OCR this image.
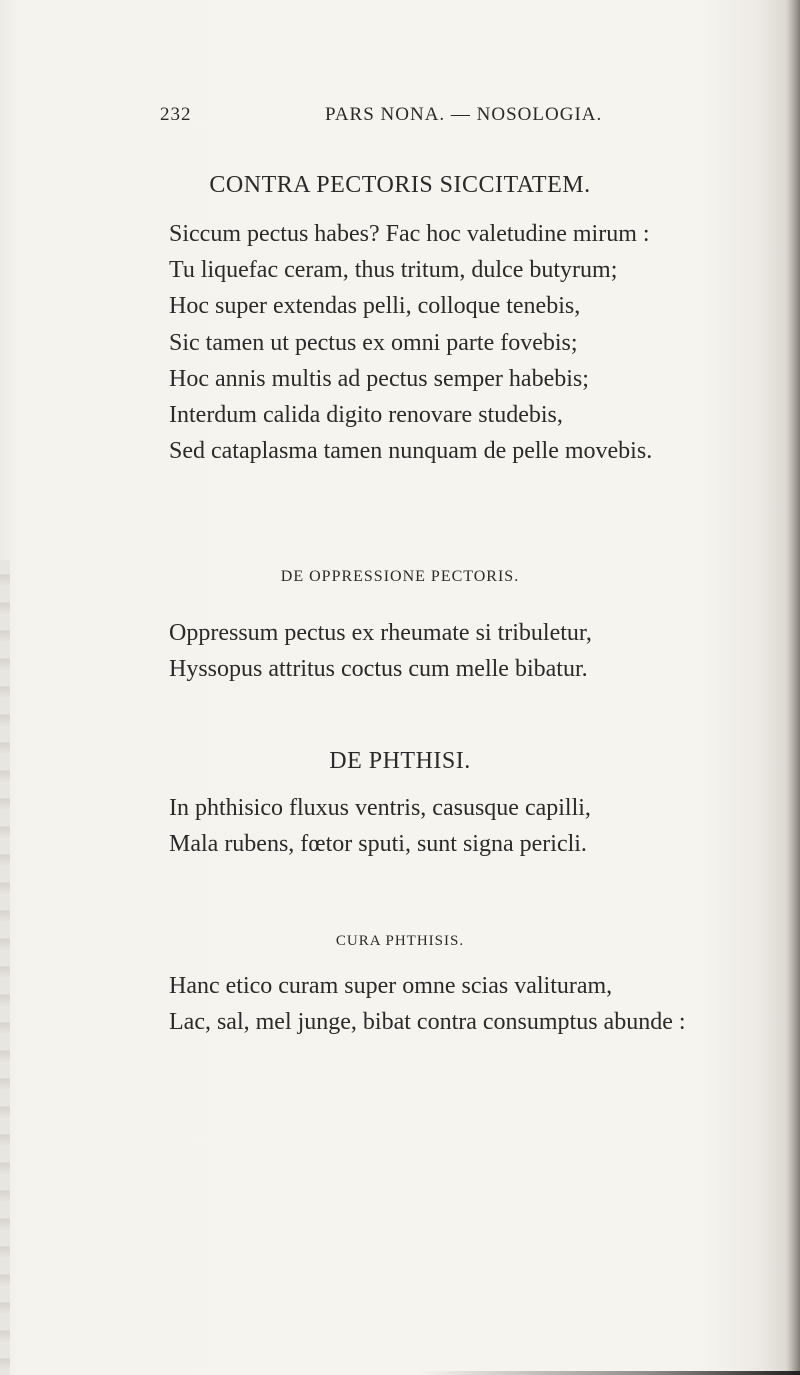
232	PARS NONA. — NOSOLOGIA.
CONTRA PECTORIS SICCITATEM.
Siccum pectus habes? Fac hoc valetudine mirum :
Tu liquefac ceram, thus tritum, dulce butyrum;
Hoc super extendas pelli, colloque tenebis,
Sic tamen ut pectus ex omni parte fovebis;
Hoc annis multis ad pectus semper habebis;
Interdum calida digito renovare studebis,
Sed cataplasma tamen nunquam de pelle movebis.
DE OPPRESSIONE PECTORIS.
Oppressum pectus ex rheumate si tribuletur,
Hyssopus attritus coctus cum melle bibatur.
DE PHTHISI.
In phthisico fluxus ventris, casusque capilli,
Mala rubens, fœtor sputi, sunt signa pericli.
CURA PHTHISIS.
Hanc etico curam super omne scias valituram,
Lac, sal, mel junge, bibat contra consumptus abunde :
